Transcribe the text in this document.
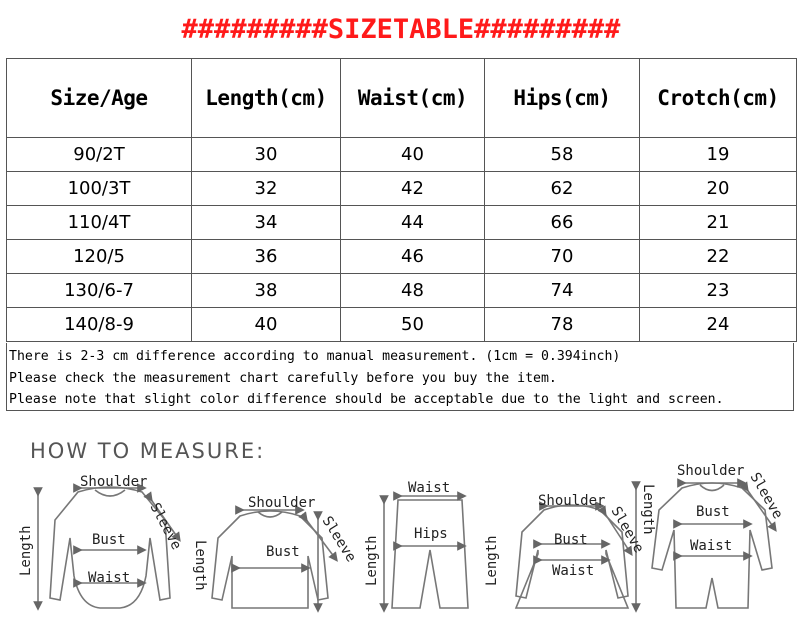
#########SIZETABLE#########
Size/Age	Length(cm)	Waist(cm)	Hips(cm)	Crotch(cm)
90/2T	30	40	58	19
100/3T	32	42	62	20
110/4T	34	44	66	21
120/5	36	46	70	22
130/6-7	38	48	74	23
140/8-9	40	50	78	24
There is 2-3 cm difference according to manual measurement. (1cm = 0.394inch)
Please check the measurement chart carefully before you buy the item.
Please note that slight color difference should be acceptable due to the light and screen.
HOW TO MEASURE:
Shoulder
Sleeve
Bust
Waist
Length
Shoulder
Sleeve
Bust
Length
Waist
Hips
Length
Shoulder
Sleeve
Bust
Waist
Length
Length
Shoulder Sleeve
Bust
Waist
